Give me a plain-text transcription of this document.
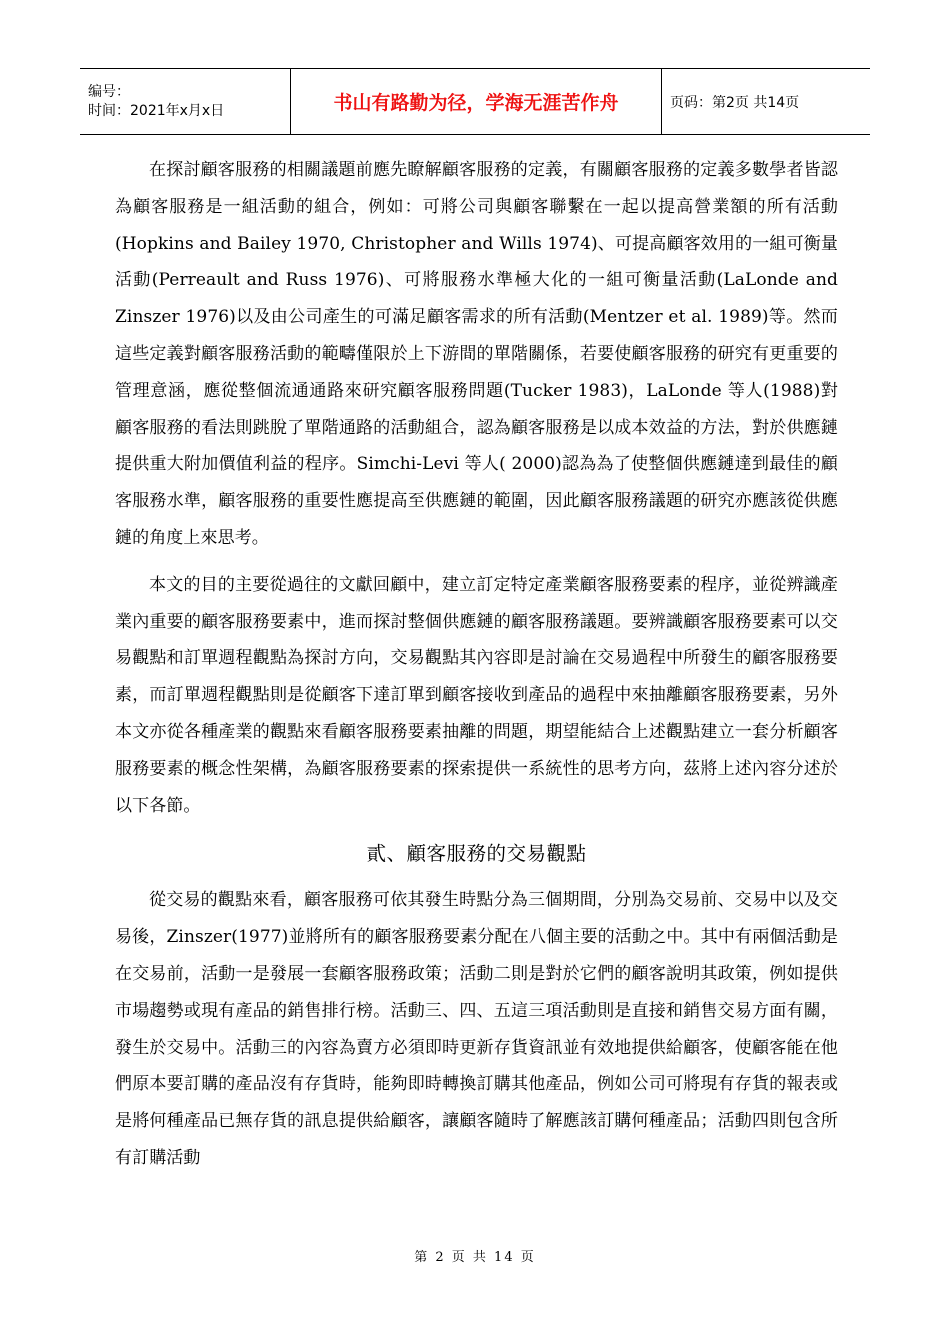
编号：
时间：2021年x月x日	书山有路勤为径，学海无涯苦作舟	页码：第2页 共14页

在探討顧客服務的相關議題前應先瞭解顧客服務的定義，有關顧客服務的定義多數學者皆認為顧客服務是一組活動的組合，例如：可將公司與顧客聯繫在一起以提高營業額的所有活動(Hopkins and Bailey 1970, Christopher and Wills 1974)、可提高顧客效用的一組可衡量活動(Perreault and Russ 1976)、可將服務水準極大化的一組可衡量活動(LaLonde and Zinszer 1976)以及由公司產生的可滿足顧客需求的所有活動(Mentzer et al. 1989)等。然而這些定義對顧客服務活動的範疇僅限於上下游間的單階關係，若要使顧客服務的研究有更重要的管理意涵，應從整個流通通路來研究顧客服務問題(Tucker 1983)，LaLonde 等人(1988)對顧客服務的看法則跳脫了單階通路的活動組合，認為顧客服務是以成本效益的方法，對於供應鏈提供重大附加價值利益的程序。Simchi-Levi 等人( 2000)認為為了使整個供應鏈達到最佳的顧客服務水準，顧客服務的重要性應提高至供應鏈的範圍，因此顧客服務議題的研究亦應該從供應鏈的角度上來思考。

本文的目的主要從過往的文獻回顧中，建立訂定特定產業顧客服務要素的程序，並從辨識產業內重要的顧客服務要素中，進而探討整個供應鏈的顧客服務議題。要辨識顧客服務要素可以交易觀點和訂單週程觀點為探討方向，交易觀點其內容即是討論在交易過程中所發生的顧客服務要素，而訂單週程觀點則是從顧客下達訂單到顧客接收到產品的過程中來抽離顧客服務要素，另外本文亦從各種產業的觀點來看顧客服務要素抽離的問題，期望能結合上述觀點建立一套分析顧客服務要素的概念性架構，為顧客服務要素的探索提供一系統性的思考方向，茲將上述內容分述於以下各節。

貳、顧客服務的交易觀點

從交易的觀點來看，顧客服務可依其發生時點分為三個期間，分別為交易前、交易中以及交易後，Zinszer(1977)並將所有的顧客服務要素分配在八個主要的活動之中。其中有兩個活動是在交易前，活動一是發展一套顧客服務政策；活動二則是對於它們的顧客說明其政策，例如提供市場趨勢或現有產品的銷售排行榜。活動三、四、五這三項活動則是直接和銷售交易方面有關，發生於交易中。活動三的內容為賣方必須即時更新存貨資訊並有效地提供給顧客，使顧客能在他們原本要訂購的產品沒有存貨時，能夠即時轉換訂購其他產品，例如公司可將現有存貨的報表或是將何種產品已無存貨的訊息提供給顧客，讓顧客隨時了解應該訂購何種產品；活動四則包含所有訂購活動

第 2 页 共 14 页
